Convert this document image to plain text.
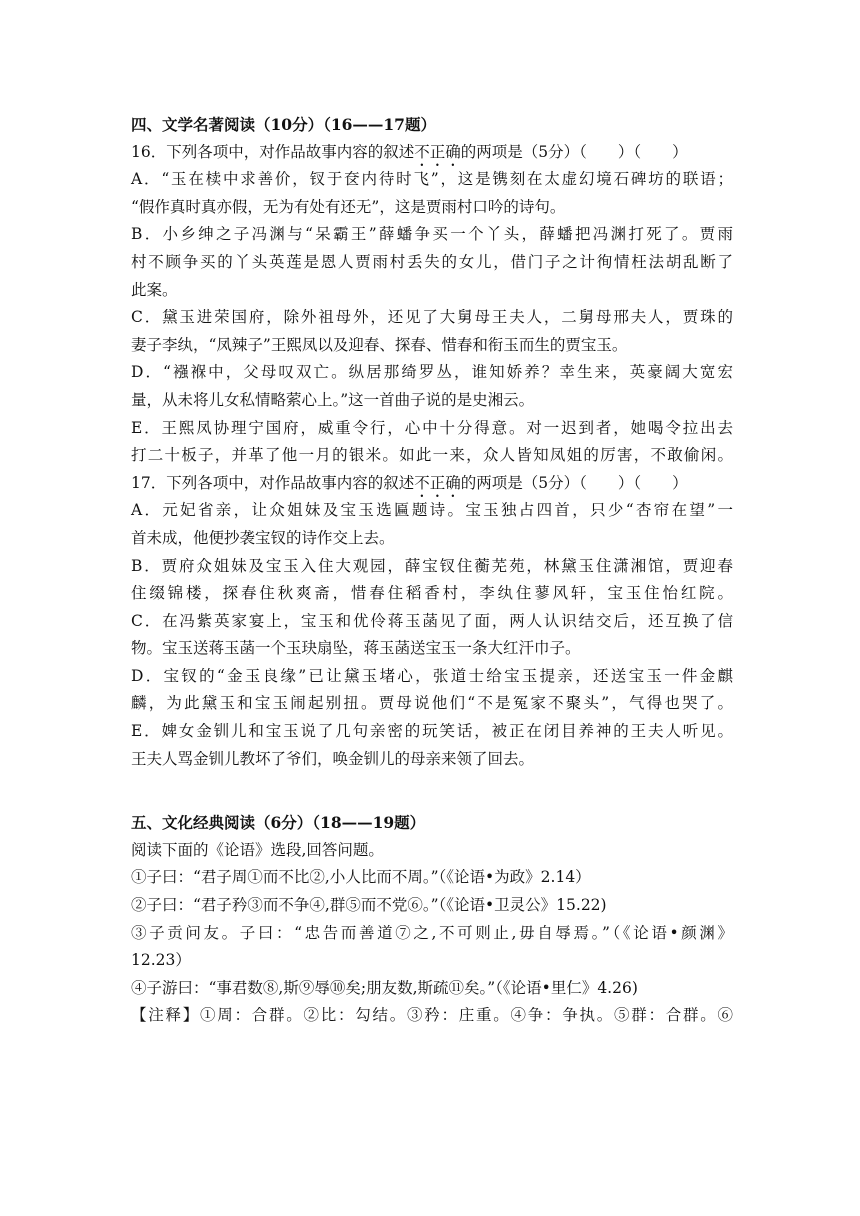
四、文学名著阅读（10分）（16——17题）
16．下列各项中，对作品故事内容的叙述不正确的两项是（5分）（　　）（　　）
A．“玉在椟中求善价，钗于奁内待时飞”，这是镌刻在太虚幻境石碑坊的联语；
“假作真时真亦假，无为有处有还无”，这是贾雨村口吟的诗句。
B．小乡绅之子冯渊与“呆霸王”薛蟠争买一个丫头，薛蟠把冯渊打死了。贾雨
村不顾争买的丫头英莲是恩人贾雨村丢失的女儿，借门子之计徇情枉法胡乱断了
此案。
C．黛玉进荣国府，除外祖母外，还见了大舅母王夫人，二舅母邢夫人，贾珠的
妻子李纨，“凤辣子”王熙凤以及迎春、探春、惜春和衔玉而生的贾宝玉。
D．“襁褓中，父母叹双亡。纵居那绮罗丛，谁知娇养？幸生来，英豪阔大宽宏
量，从未将儿女私情略萦心上。”这一首曲子说的是史湘云。
E．王熙凤协理宁国府，威重令行，心中十分得意。对一迟到者，她喝令拉出去
打二十板子，并革了他一月的银米。如此一来，众人皆知凤姐的厉害，不敢偷闲。
17．下列各项中，对作品故事内容的叙述不正确的两项是（5分）（　　）（　　）
A．元妃省亲，让众姐妹及宝玉选匾题诗。宝玉独占四首，只少“杏帘在望”一
首未成，他便抄袭宝钗的诗作交上去。
B．贾府众姐妹及宝玉入住大观园，薛宝钗住蘅芜苑，林黛玉住潇湘馆，贾迎春
住缀锦楼，探春住秋爽斋，惜春住稻香村，李纨住蓼风轩，宝玉住怡红院。
C．在冯紫英家宴上，宝玉和优伶蒋玉菡见了面，两人认识结交后，还互换了信
物。宝玉送蒋玉菡一个玉玦扇坠，蒋玉菡送宝玉一条大红汗巾子。
D．宝钗的“金玉良缘”已让黛玉堵心，张道士给宝玉提亲，还送宝玉一件金麒
麟，为此黛玉和宝玉闹起别扭。贾母说他们“不是冤家不聚头”，气得也哭了。
E．婢女金钏儿和宝玉说了几句亲密的玩笑话，被正在闭目养神的王夫人听见。
王夫人骂金钏儿教坏了爷们，唤金钏儿的母亲来领了回去。
五、文化经典阅读（6分）（18——19题）
阅读下面的《论语》选段,回答问题。
①子曰：“君子周①而不比②,小人比而不周。”（《论语•为政》2.14）
②子曰：“君子矜③而不争④,群⑤而不党⑥。”（《论语•卫灵公》15.22)
③子贡问友。子曰：“忠告而善道⑦之,不可则止,毋自辱焉。”（《论语•颜渊》
12.23）
④子游曰：“事君数⑧,斯⑨辱⑩矣;朋友数,斯疏⑪矣。”（《论语•里仁》4.26)
【注释】①周：合群。②比：勾结。③矜：庄重。④争：争执。⑤群：合群。⑥
